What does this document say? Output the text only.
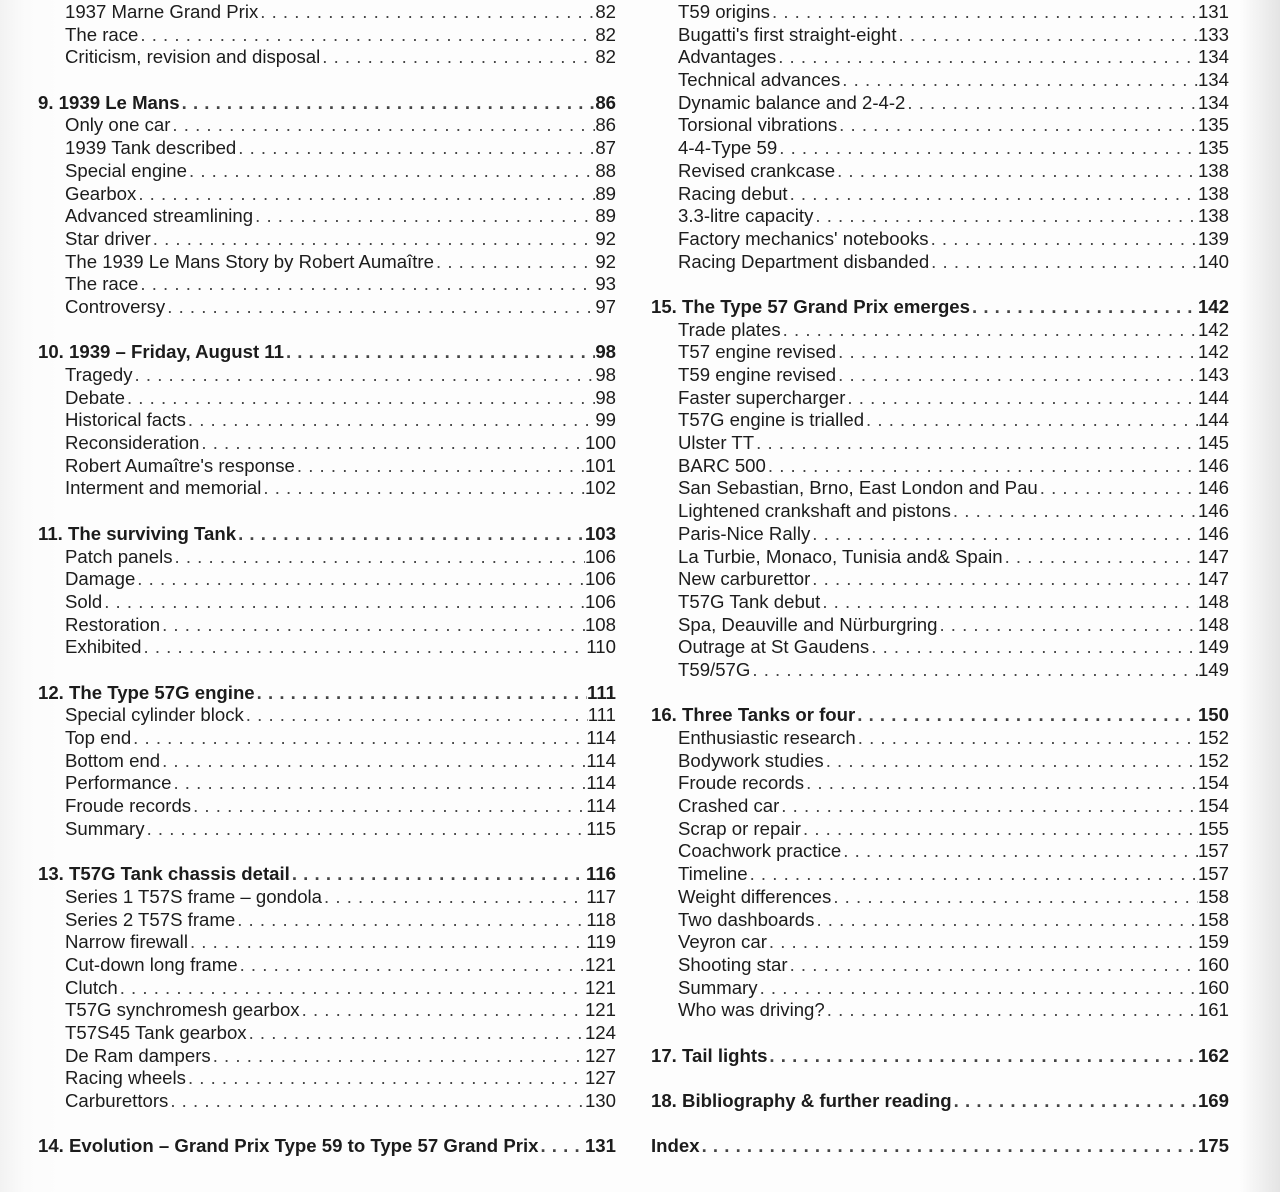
1937 Marne Grand Prix . . .	82
The race . . .	82
Criticism, revision and disposal . . .	82
9. 1939 Le Mans . . .	86
Only one car . . .	86
1939 Tank described . . .	87
Special engine . . .	88
Gearbox . . .	89
Advanced streamlining . . .	89
Star driver . . .	92
The 1939 Le Mans Story by Robert Aumaître . . .	92
The race . . .	93
Controversy . . .	97
10. 1939 – Friday, August 11 . . .	98
Tragedy . . .	98
Debate . . .	98
Historical facts . . .	99
Reconsideration . . .	100
Robert Aumaître's response . . .	101
Interment and memorial . . .	102
11. The surviving Tank . . .	103
Patch panels . . .	106
Damage . . .	106
Sold . . .	106
Restoration . . .	108
Exhibited . . .	110
12. The Type 57G engine . . .	111
Special cylinder block . . .	111
Top end . . .	114
Bottom end . . .	114
Performance . . .	114
Froude records . . .	114
Summary . . .	115
13. T57G Tank chassis detail . . .	116
Series 1 T57S frame – gondola . . .	117
Series 2 T57S frame . . .	118
Narrow firewall . . .	119
Cut-down long frame . . .	121
Clutch . . .	121
T57G synchromesh gearbox . . .	121
T57S45 Tank gearbox . . .	124
De Ram dampers . . .	127
Racing wheels . . .	127
Carburettors . . .	130
14. Evolution – Grand Prix Type 59 to Type 57 Grand Prix . . .	131
T59 origins . . .	131
Bugatti's first straight-eight . . .	133
Advantages . . .	134
Technical advances . . .	134
Dynamic balance and 2-4-2 . . .	134
Torsional vibrations . . .	135
4-4-Type 59 . . .	135
Revised crankcase . . .	138
Racing debut . . .	138
3.3-litre capacity . . .	138
Factory mechanics' notebooks . . .	139
Racing Department disbanded . . .	140
15. The Type 57 Grand Prix emerges . . .	142
Trade plates . . .	142
T57 engine revised . . .	142
T59 engine revised . . .	143
Faster supercharger . . .	144
T57G engine is trialled . . .	144
Ulster TT . . .	145
BARC 500 . . .	146
San Sebastian, Brno, East London and Pau . . .	146
Lightened crankshaft and pistons . . .	146
Paris-Nice Rally . . .	146
La Turbie, Monaco, Tunisia and& Spain . . .	147
New carburettor . . .	147
T57G Tank debut . . .	148
Spa, Deauville and Nürburgring . . .	148
Outrage at St Gaudens . . .	149
T59/57G . . .	149
16. Three Tanks or four . . .	150
Enthusiastic research . . .	152
Bodywork studies . . .	152
Froude records . . .	154
Crashed car . . .	154
Scrap or repair . . .	155
Coachwork practice . . .	157
Timeline . . .	157
Weight differences . . .	158
Two dashboards . . .	158
Veyron car . . .	159
Shooting star . . .	160
Summary . . .	160
Who was driving? . . .	161
17. Tail lights . . .	162
18. Bibliography & further reading . . .	169
Index . . .	175
